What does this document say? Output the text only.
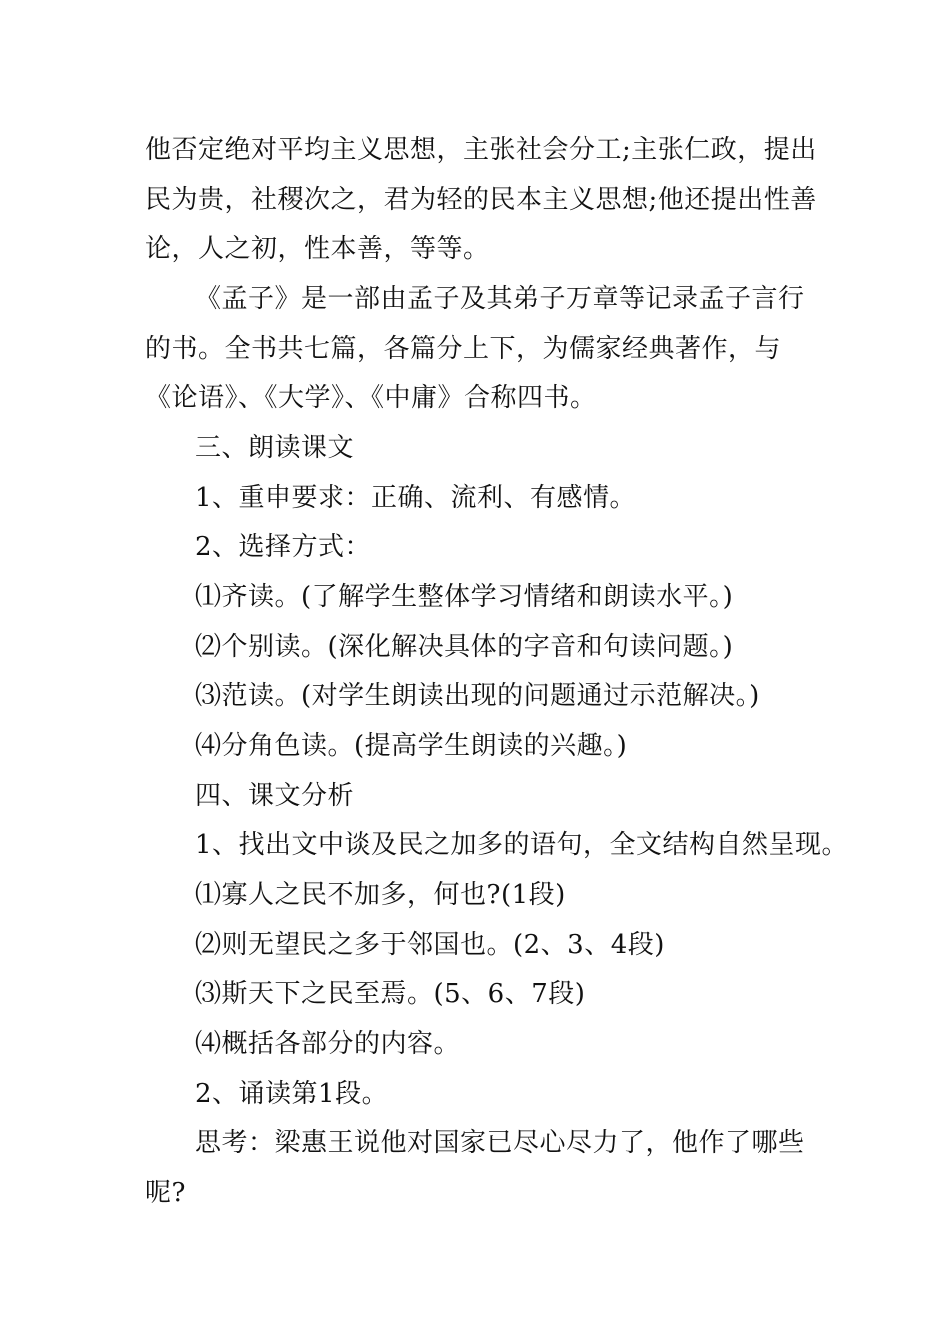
他否定绝对平均主义思想，主张社会分工;主张仁政，提出
民为贵，社稷次之，君为轻的民本主义思想;他还提出性善
论，人之初，性本善，等等。
《孟子》是一部由孟子及其弟子万章等记录孟子言行
的书。全书共七篇，各篇分上下，为儒家经典著作，与
《论语》、《大学》、《中庸》合称四书。
三、朗读课文
1、重申要求：正确、流利、有感情。
2、选择方式：
⑴齐读。(了解学生整体学习情绪和朗读水平。)
⑵个别读。(深化解决具体的字音和句读问题。)
⑶范读。(对学生朗读出现的问题通过示范解决。)
⑷分角色读。(提高学生朗读的兴趣。)
四、课文分析
1、找出文中谈及民之加多的语句，全文结构自然呈现。
⑴寡人之民不加多，何也?(1段)
⑵则无望民之多于邻国也。(2、3、4段)
⑶斯天下之民至焉。(5、6、7段)
⑷概括各部分的内容。
2、诵读第1段。
思考：梁惠王说他对国家已尽心尽力了，他作了哪些
呢?
